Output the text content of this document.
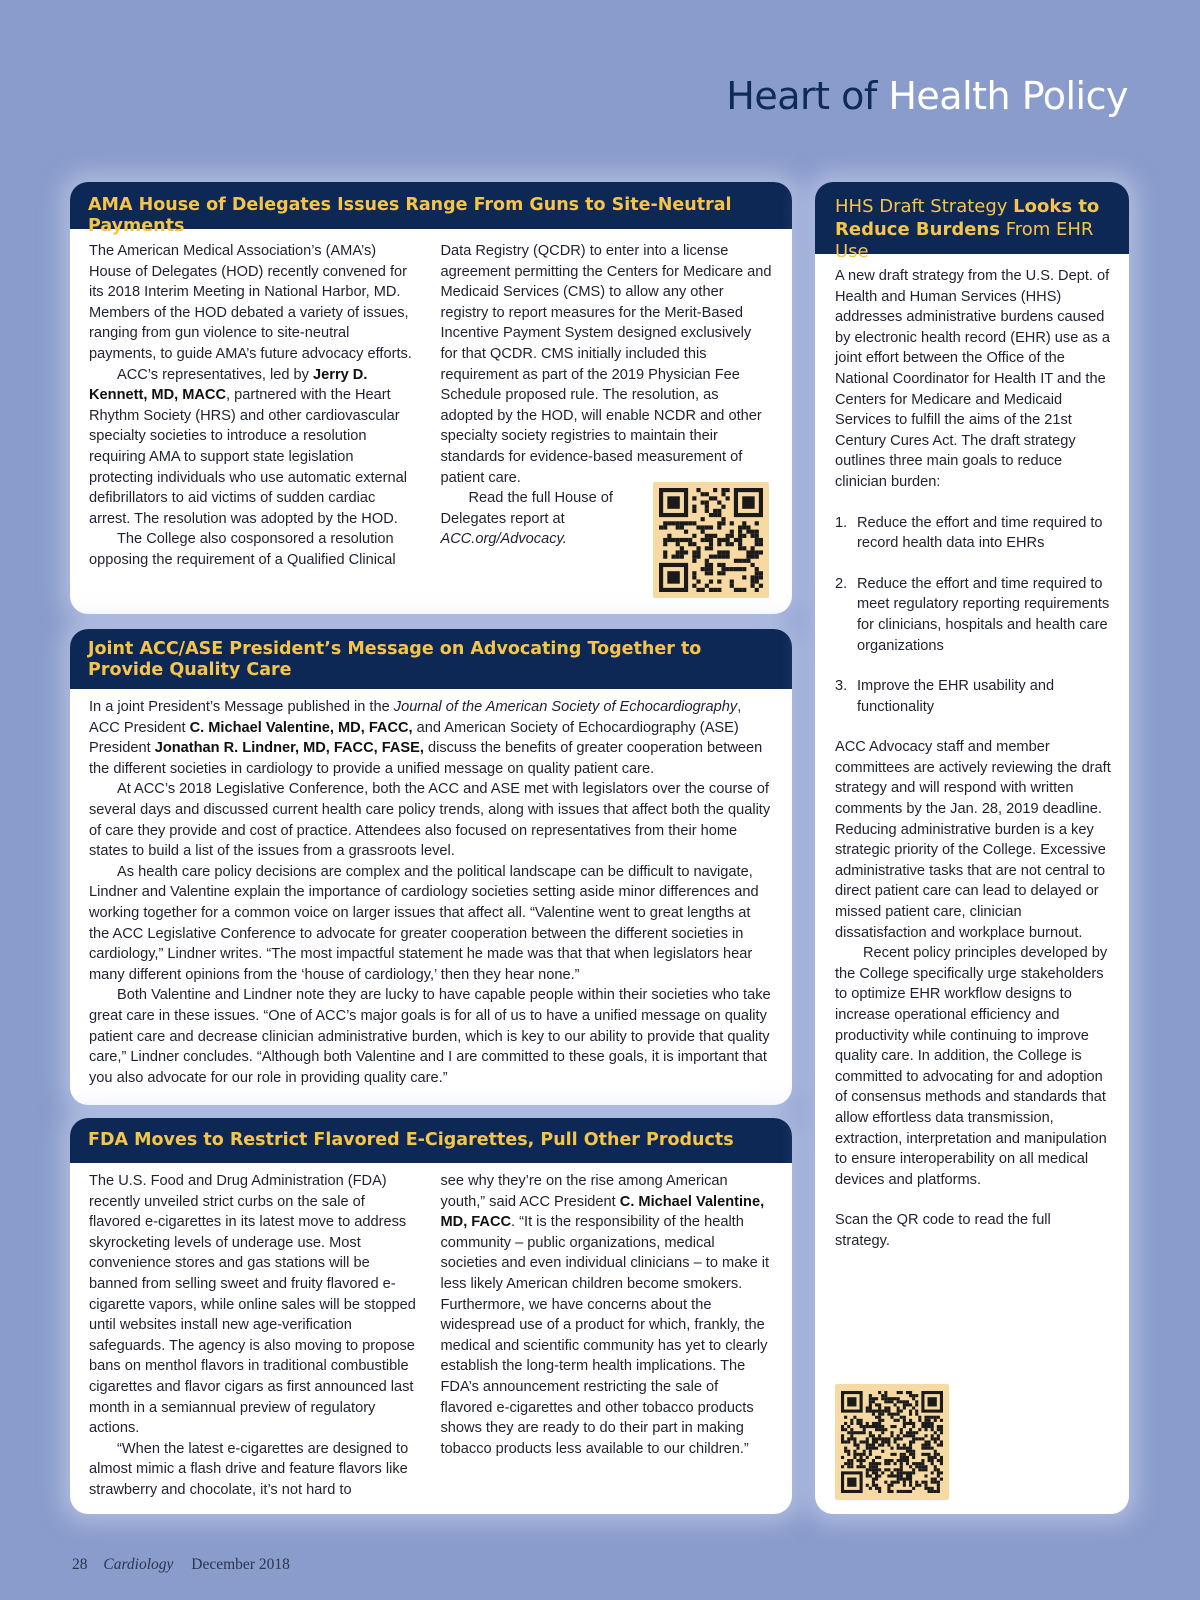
Heart of Health Policy
AMA House of Delegates Issues Range From Guns to Site-Neutral Payments

The American Medical Association’s (AMA’s) House of Delegates (HOD) recently convened for its 2018 Interim Meeting in National Harbor, MD. Members of the HOD debated a variety of issues, ranging from gun violence to site-neutral payments, to guide AMA’s future advocacy efforts.

ACC’s representatives, led by Jerry D. Kennett, MD, MACC, partnered with the Heart Rhythm Society (HRS) and other cardiovascular specialty societies to introduce a resolution requiring AMA to support state legislation protecting individuals who use automatic external defibrillators to aid victims of sudden cardiac arrest. The resolution was adopted by the HOD.

The College also cosponsored a resolution opposing the requirement of a Qualified Clinical

Data Registry (QCDR) to enter into a license agreement permitting the Centers for Medicare and Medicaid Services (CMS) to allow any other registry to report measures for the Merit-Based Incentive Payment System designed exclusively for that QCDR. CMS initially included this requirement as part of the 2019 Physician Fee Schedule proposed rule. The resolution, as adopted by the HOD, will enable NCDR and other specialty society registries to maintain their standards for evidence-based measurement of patient care.

Read the full House of Delegates report at ACC.org/Advocacy.

Joint ACC/ASE President’s Message on Advocating Together to Provide Quality Care

In a joint President’s Message published in the Journal of the American Society of Echocardiography, ACC President C. Michael Valentine, MD, FACC, and American Society of Echocardiography (ASE) President Jonathan R. Lindner, MD, FACC, FASE, discuss the benefits of greater cooperation between the different societies in cardiology to provide a unified message on quality patient care.

At ACC’s 2018 Legislative Conference, both the ACC and ASE met with legislators over the course of several days and discussed current health care policy trends, along with issues that affect both the quality of care they provide and cost of practice. Attendees also focused on representatives from their home states to build a list of the issues from a grassroots level.

As health care policy decisions are complex and the political landscape can be difficult to navigate, Lindner and Valentine explain the importance of cardiology societies setting aside minor differences and working together for a common voice on larger issues that affect all. “Valentine went to great lengths at the ACC Legislative Conference to advocate for greater cooperation between the different societies in cardiology,” Lindner writes. “The most impactful statement he made was that that when legislators hear many different opinions from the ‘house of cardiology,’ then they hear none.”

Both Valentine and Lindner note they are lucky to have capable people within their societies who take great care in these issues. “One of ACC’s major goals is for all of us to have a unified message on quality patient care and decrease clinician administrative burden, which is key to our ability to provide that quality care,” Lindner concludes. “Although both Valentine and I are committed to these goals, it is important that you also advocate for our role in providing quality care.”

FDA Moves to Restrict Flavored E-Cigarettes, Pull Other Products

The U.S. Food and Drug Administration (FDA) recently unveiled strict curbs on the sale of flavored e-cigarettes in its latest move to address skyrocketing levels of underage use. Most convenience stores and gas stations will be banned from selling sweet and fruity flavored e-cigarette vapors, while online sales will be stopped until websites install new age-verification safeguards. The agency is also moving to propose bans on menthol flavors in traditional combustible cigarettes and flavor cigars as first announced last month in a semiannual preview of regulatory actions.

“When the latest e-cigarettes are designed to almost mimic a flash drive and feature flavors like strawberry and chocolate, it’s not hard to

see why they’re on the rise among American youth,” said ACC President C. Michael Valentine, MD, FACC. “It is the responsibility of the health community – public organizations, medical societies and even individual clinicians – to make it less likely American children become smokers. Furthermore, we have concerns about the widespread use of a product for which, frankly, the medical and scientific community has yet to clearly establish the long-term health implications. The FDA’s announcement restricting the sale of flavored e-cigarettes and other tobacco products shows they are ready to do their part in making tobacco products less available to our children.”

HHS Draft Strategy Looks to Reduce Burdens From EHR Use

A new draft strategy from the U.S. Dept. of Health and Human Services (HHS) addresses administrative burdens caused by electronic health record (EHR) use as a joint effort between the Office of the National Coordinator for Health IT and the Centers for Medicare and Medicaid Services to fulfill the aims of the 21st Century Cures Act. The draft strategy outlines three main goals to reduce clinician burden:

1. Reduce the effort and time required to record health data into EHRs
2. Reduce the effort and time required to meet regulatory reporting requirements for clinicians, hospitals and health care organizations
3. Improve the EHR usability and functionality

ACC Advocacy staff and member committees are actively reviewing the draft strategy and will respond with written comments by the Jan. 28, 2019 deadline. Reducing administrative burden is a key strategic priority of the College. Excessive administrative tasks that are not central to direct patient care can lead to delayed or missed patient care, clinician dissatisfaction and workplace burnout.

Recent policy principles developed by the College specifically urge stakeholders to optimize EHR workflow designs to increase operational efficiency and productivity while continuing to improve quality care. In addition, the College is committed to advocating for and adoption of consensus methods and standards that allow effortless data transmission, extraction, interpretation and manipulation to ensure interoperability on all medical devices and platforms.

Scan the QR code to read the full strategy.

28 Cardiology December 2018
